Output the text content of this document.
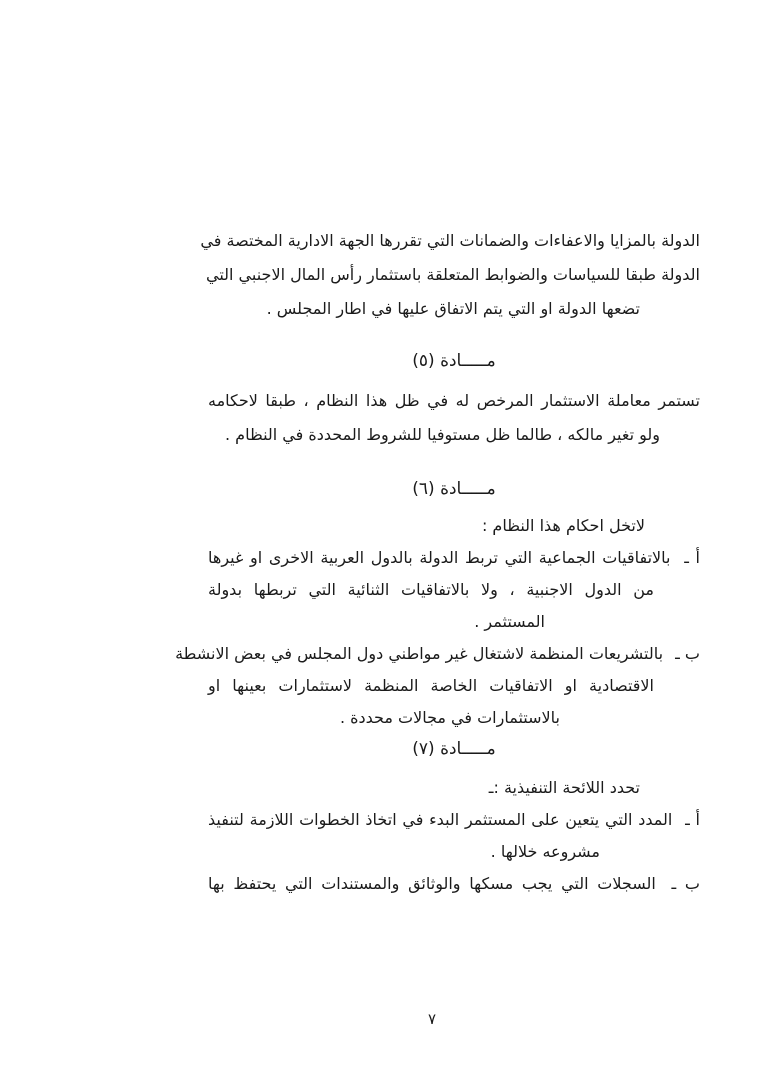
الدولة بالمزايا والاعفاءات والضمانات التي تقررها الجهة الادارية المختصة في

الدولة طبقا للسياسات والضوابط المتعلقة باستثمار رأس المال الاجنبي التي

تضعها الدولة او التي يتم الاتفاق عليها في اطار المجلس .

مـــــادة (٥)

تستمر معاملة الاستثمار المرخص له في ظل هذا النظام ، طبقا لاحكامه

ولو تغير مالكه ، طالما ظل مستوفيا للشروط المحددة في النظام .

مـــــادة (٦)

لاتخل احكام هذا النظام :

أ ـ بالاتفاقيات الجماعية التي تربط الدولة بالدول العربية الاخرى او غيرها

من الدول الاجنبية ، ولا بالاتفاقيات الثنائية التي تربطها بدولة

المستثمر .

ب ـ بالتشريعات المنظمة لاشتغال غير مواطني دول المجلس في بعض الانشطة

الاقتصادية او الاتفاقيات الخاصة المنظمة لاستثمارات بعينها او

بالاستثمارات في مجالات محددة .

مـــــادة (٧)

تحدد اللائحة التنفيذية :ـ

أ ـ المدد التي يتعين على المستثمر البدء في اتخاذ الخطوات اللازمة لتنفيذ

مشروعه خلالها .

ب ـ السجلات التي يجب مسكها والوثائق والمستندات التي يحتفظ بها

٧
